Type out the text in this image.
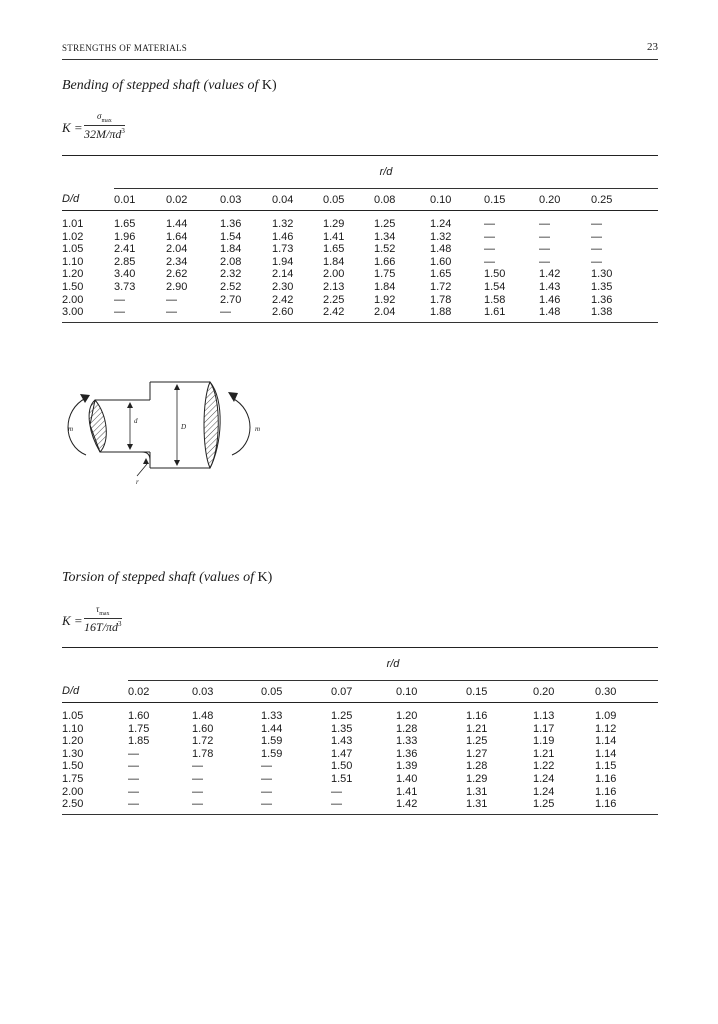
STRENGTHS OF MATERIALS	23
Bending of stepped shaft (values of K)
K =
$\sigma_{max}$
$32M/\pi d^3$
	r/d									
D/d	0.01	0.02	0.03	0.04	0.05	0.08	0.10	0.15	0.20	0.25
1.01	1.65	1.44	1.36	1.32	1.29	1.25	1.24	—	—	—
1.02	1.96	1.64	1.54	1.46	1.41	1.34	1.32	—	—	—
1.05	2.41	2.04	1.84	1.73	1.65	1.52	1.48	—	—	—
1.10	2.85	2.34	2.08	1.94	1.84	1.66	1.60	—	—	—
1.20	3.40	2.62	2.32	2.14	2.00	1.75	1.65	1.50	1.42	1.30
1.50	3.73	2.90	2.52	2.30	2.13	1.84	1.72	1.54	1.43	1.35
2.00	—	—	2.70	2.42	2.25	1.92	1.78	1.58	1.46	1.36
3.00	—	—	—	2.60	2.42	2.04	1.88	1.61	1.48	1.38
m	m
d
D
r
Torsion of stepped shaft (values of K)
K =
$\tau_{max}$
$16T/\pi d^3$
	r/d							
D/d	0.02	0.03	0.05	0.07	0.10	0.15	0.20	0.30
1.05	1.60	1.48	1.33	1.25	1.20	1.16	1.13	1.09
1.10	1.75	1.60	1.44	1.35	1.28	1.21	1.17	1.12
1.20	1.85	1.72	1.59	1.43	1.33	1.25	1.19	1.14
1.30	—	1.78	1.59	1.47	1.36	1.27	1.21	1.14
1.50	—	—	—	1.50	1.39	1.28	1.22	1.15
1.75	—	—	—	1.51	1.40	1.29	1.24	1.16
2.00	—	—	—	—	1.41	1.31	1.24	1.16
2.50	—	—	—	—	1.42	1.31	1.25	1.16
